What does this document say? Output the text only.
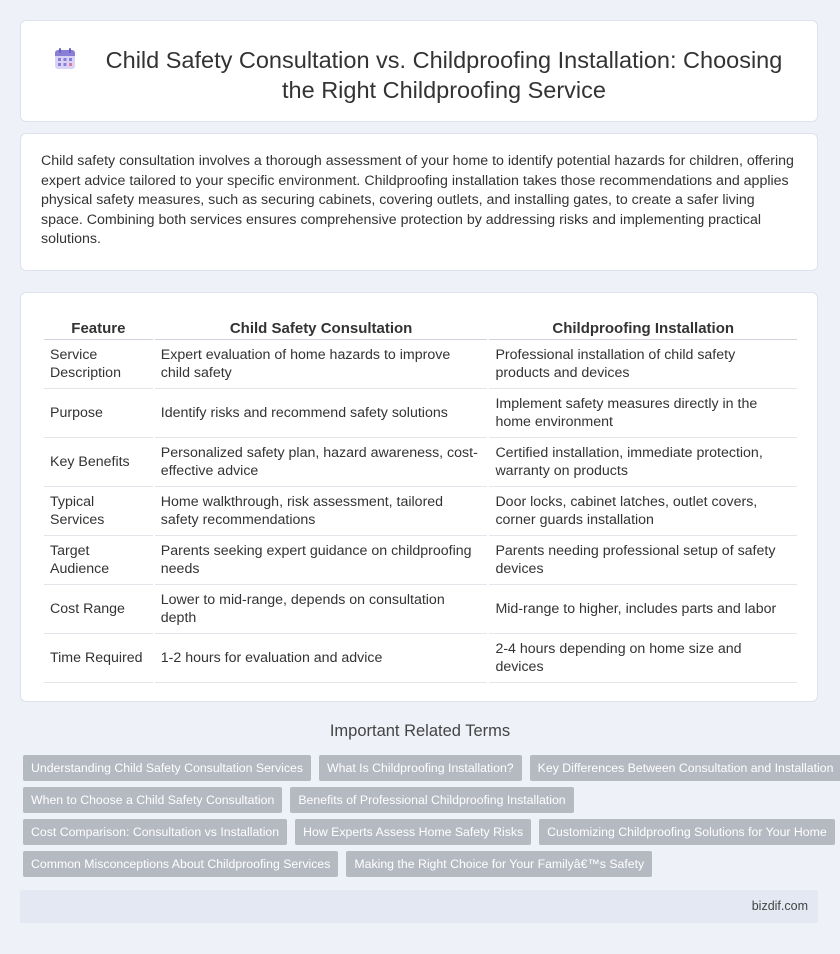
Child Safety Consultation vs. Childproofing Installation: Choosing the Right Childproofing Service

Child safety consultation involves a thorough assessment of your home to identify potential hazards for children, offering expert advice tailored to your specific environment. Childproofing installation takes those recommendations and applies physical safety measures, such as securing cabinets, covering outlets, and installing gates, to create a safer living space. Combining both services ensures comprehensive protection by addressing risks and implementing practical solutions.

Feature	Child Safety Consultation	Childproofing Installation
Service Description	Expert evaluation of home hazards to improve child safety	Professional installation of child safety products and devices
Purpose	Identify risks and recommend safety solutions	Implement safety measures directly in the home environment
Key Benefits	Personalized safety plan, hazard awareness, cost-effective advice	Certified installation, immediate protection, warranty on products
Typical Services	Home walkthrough, risk assessment, tailored safety recommendations	Door locks, cabinet latches, outlet covers, corner guards installation
Target Audience	Parents seeking expert guidance on childproofing needs	Parents needing professional setup of safety devices
Cost Range	Lower to mid-range, depends on consultation depth	Mid-range to higher, includes parts and labor
Time Required	1-2 hours for evaluation and advice	2-4 hours depending on home size and devices
Important Related Terms
Understanding Child Safety Consultation Services	What Is Childproofing Installation?	Key Differences Between Consultation and Installation
When to Choose a Child Safety Consultation	Benefits of Professional Childproofing Installation
Cost Comparison: Consultation vs Installation	How Experts Assess Home Safety Risks	Customizing Childproofing Solutions for Your Home
Common Misconceptions About Childproofing Services	Making the Right Choice for Your Familyâ€™s Safety
bizdif.com
